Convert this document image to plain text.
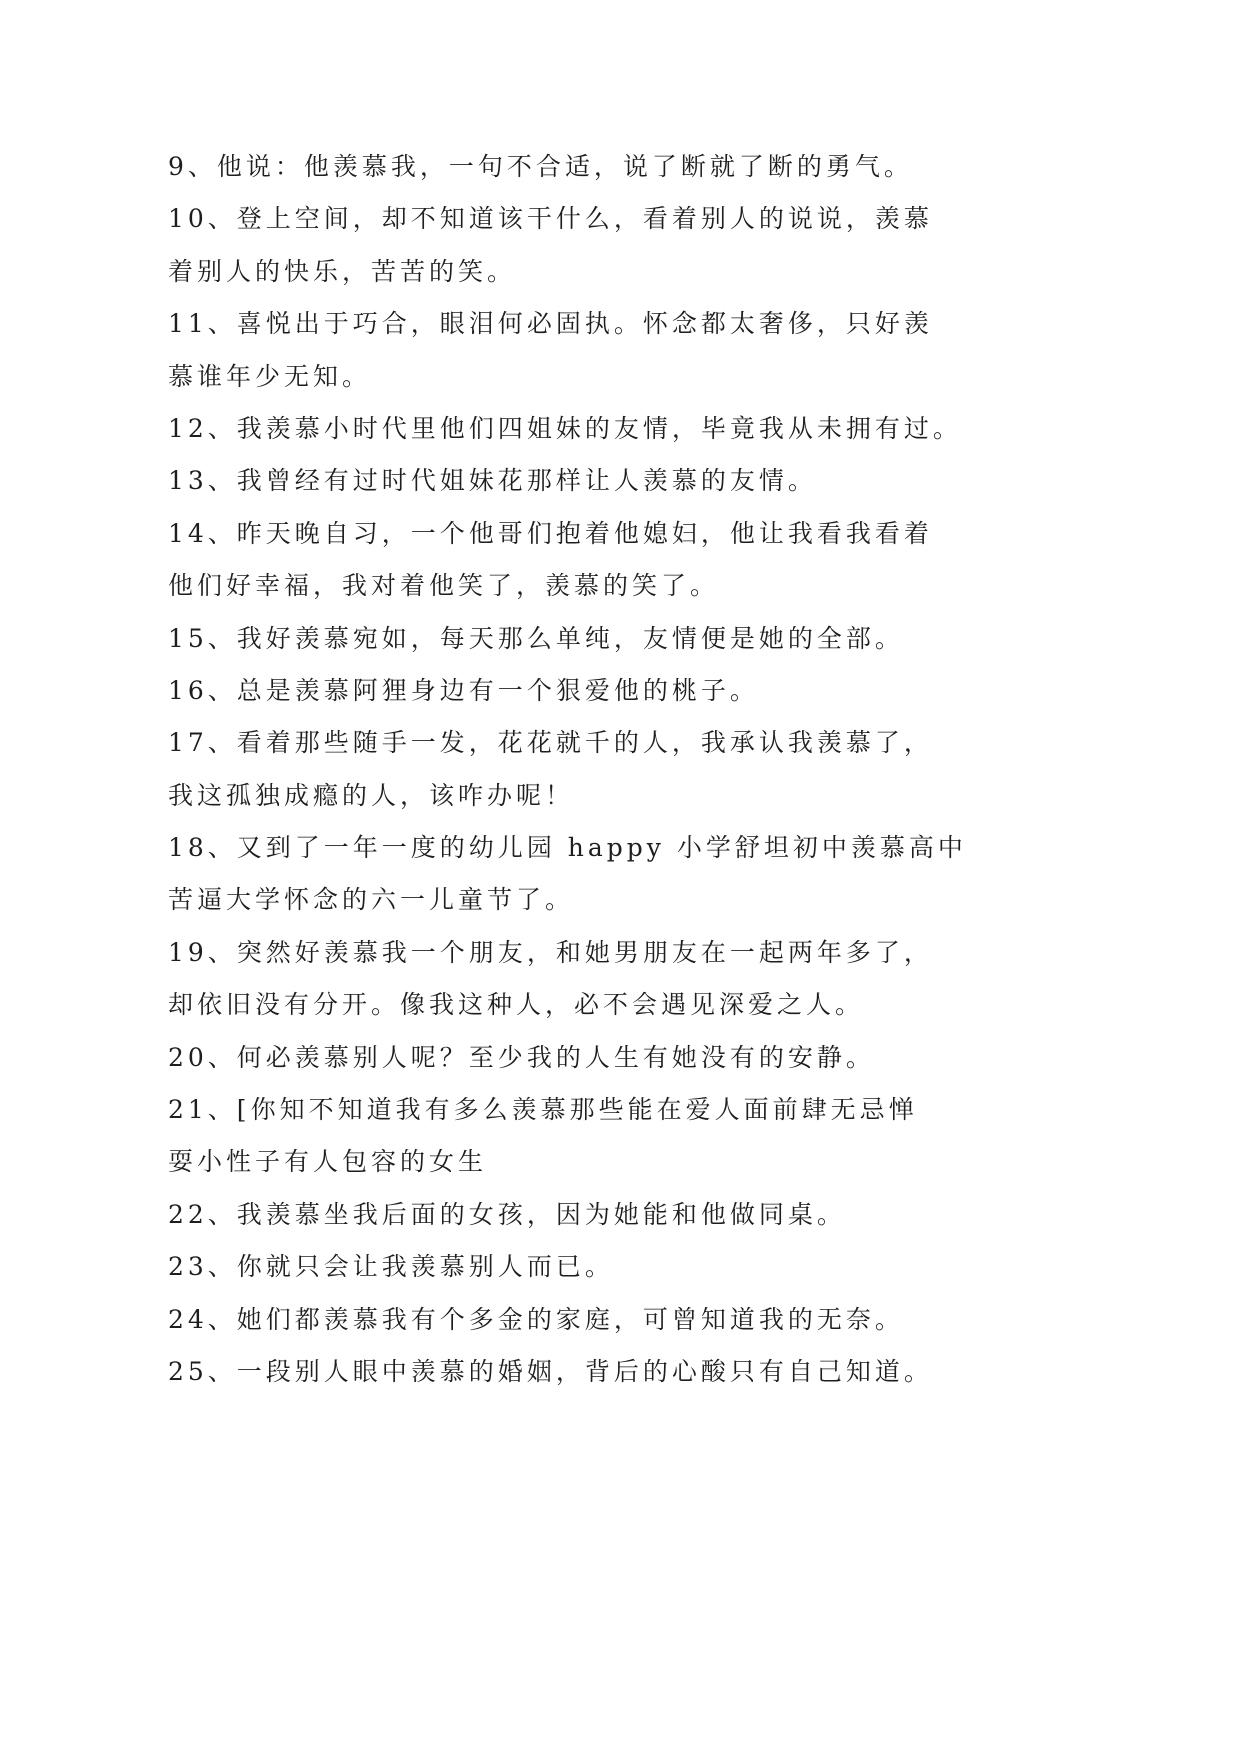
9、他说：他羡慕我，一句不合适，说了断就了断的勇气。
10、登上空间，却不知道该干什么，看着别人的说说，羡慕
着别人的快乐，苦苦的笑。
11、喜悦出于巧合，眼泪何必固执。怀念都太奢侈，只好羡
慕谁年少无知。
12、我羡慕小时代里他们四姐妹的友情，毕竟我从未拥有过。
13、我曾经有过时代姐妹花那样让人羡慕的友情。
14、昨天晚自习，一个他哥们抱着他媳妇，他让我看我看着
他们好幸福，我对着他笑了，羡慕的笑了。
15、我好羡慕宛如，每天那么单纯，友情便是她的全部。
16、总是羡慕阿狸身边有一个狠爱他的桃子。
17、看着那些随手一发，花花就千的人，我承认我羡慕了，
我这孤独成瘾的人，该咋办呢！
18、又到了一年一度的幼儿园 happy 小学舒坦初中羡慕高中
苦逼大学怀念的六一儿童节了。
19、突然好羡慕我一个朋友，和她男朋友在一起两年多了，
却依旧没有分开。像我这种人，必不会遇见深爱之人。
20、何必羡慕别人呢？至少我的人生有她没有的安静。
21、[你知不知道我有多么羡慕那些能在爱人面前肆无忌惮
耍小性子有人包容的女生
22、我羡慕坐我后面的女孩，因为她能和他做同桌。
23、你就只会让我羡慕别人而已。
24、她们都羡慕我有个多金的家庭，可曾知道我的无奈。
25、一段别人眼中羡慕的婚姻，背后的心酸只有自己知道。
